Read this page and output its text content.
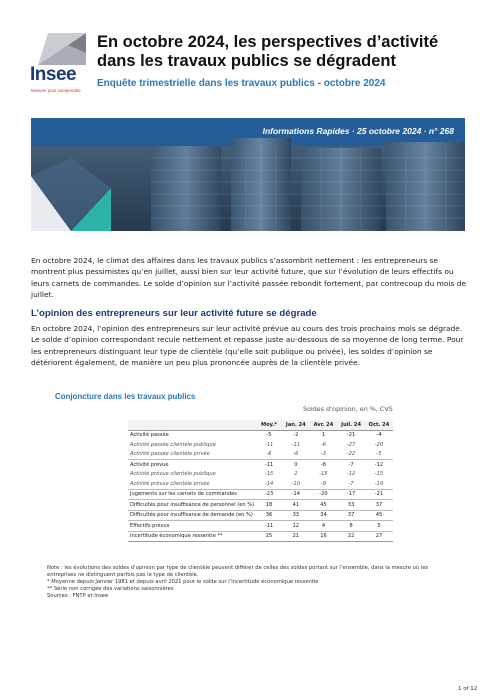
Insee
Mesurer pour comprendre
En octobre 2024, les perspectives d’activité dans les travaux publics se dégradent
Enquête trimestrielle dans les travaux publics - octobre 2024
Informations Rapides · 25 octobre 2024 · n° 268

En octobre 2024, le climat des affaires dans les travaux publics s’assombrit nettement : les entrepreneurs se montrent plus pessimistes qu’en juillet, aussi bien sur leur activité future, que sur l’évolution de leurs effectifs ou leurs carnets de commandes. Le solde d’opinion sur l’activité passée rebondit fortement, par contrecoup du mois de juillet.

L’opinion des entrepreneurs sur leur activité future se dégrade

En octobre 2024, l’opinion des entrepreneurs sur leur activité prévue au cours des trois prochains mois se dégrade. Le solde d’opinion correspondant recule nettement et repasse juste au-dessous de sa moyenne de long terme. Pour les entrepreneurs distinguant leur type de clientèle (qu’elle soit publique ou privée), les soldes d’opinion se détériorent également, de manière un peu plus prononcée auprès de la clientèle privée.

Conjoncture dans les travaux publics
Soldes d’opinion, en %, CVS
	Moy.*	Jan. 24	Avr. 24	Juil. 24	Oct. 24
Activité passée	-5	-2	1	-21	-4
Activité passée clientèle publique	-11	-11	-6	-27	-20
Activité passée clientèle privée	-6	-6	-3	-22	-5
Activité prévue	-11	0	-8	-7	-12
Activité prévue clientèle publique	-15	2	-15	-12	-15
Activité prévue clientèle privée	-14	-10	-9	-7	-19
Jugements sur les carnets de commandes	-23	-14	-20	-17	-21
Difficultés pour insuffisance de personnel (en %)	18	41	45	33	37
Difficultés pour insuffisance de demande (en %)	36	33	34	37	45
Effectifs prévus	-11	12	4	8	5
Incertitude économique ressentie **	25	21	16	22	27
Note : les évolutions des soldes d’opinion par type de clientèle peuvent différer de celles des soldes portant sur l’ensemble, dans la mesure où les entreprises ne distinguent parfois pas le type de clientèle.
* Moyenne depuis janvier 1981 et depuis avril 2021 pour le solde sur l’incertitude économique ressentie
** Série non corrigée des variations saisonnières
Sources : FNTP et Insee
1 of 12
